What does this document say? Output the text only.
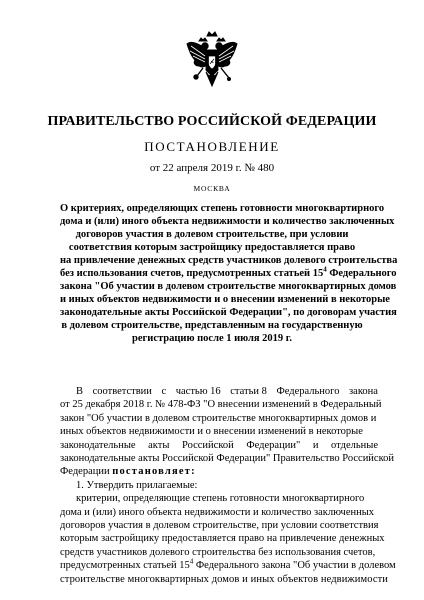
ПРАВИТЕЛЬСТВО РОССИЙСКОЙ ФЕДЕРАЦИИ
ПОСТАНОВЛЕНИЕ
от 22 апреля 2019 г. № 480
МОСКВА
О критериях, определяющих степень готовности многоквартирного
дома и (или) иного объекта недвижимости и количество заключенных
договоров участия в долевом строительстве, при условии
соответствия которым застройщику предоставляется право
на привлечение денежных средств участников долевого строительства
без использования счетов, предусмотренных статьей $15^4$ Федерального
закона "Об участии в долевом строительстве многоквартирных домов
и иных объектов недвижимости и о внесении изменений в некоторые
законодательные акты Российской Федерации", по договорам участия
в долевом строительстве, представленным на государственную
регистрацию после 1 июля 2019 г.
В соответствии с частью 16 статьи 8 Федерального закона
от 25 декабря 2018 г. № 478-ФЗ "О внесении изменений в Федеральный
закон "Об участии в долевом строительстве многоквартирных домов и
иных объектов недвижимости и о внесении изменений в некоторые
законодательные акты Российской Федерации" и отдельные
законодательные акты Российской Федерации" Правительство Российской
Федерации постановляет:
1. Утвердить прилагаемые:
критерии, определяющие степень готовности многоквартирного
дома и (или) иного объекта недвижимости и количество заключенных
договоров участия в долевом строительстве, при условии соответствия
которым застройщику предоставляется право на привлечение денежных
средств участников долевого строительства без использования счетов,
предусмотренных статьей $15^4$ Федерального закона "Об участии в долевом
строительстве многоквартирных домов и иных объектов недвижимости
